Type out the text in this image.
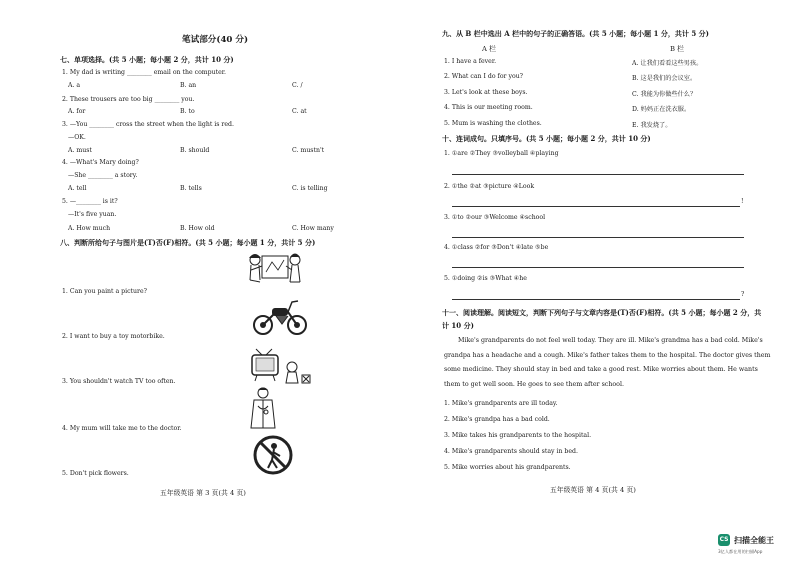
笔试部分(40 分)
七、单项选择。(共 5 小题；每小题 2 分，共计 10 分)
1. My dad is writing ________ email on the computer.
A. a	B. an	C. /
2. These trousers are too big ________ you.
A. for	B. to	C. at
3. —You ________ cross the street when the light is red.
—OK.
A. must	B. should	C. mustn't
4. —What's Mary doing?
—She ________ a story.
A. tell	B. tells	C. is telling
5. —________ is it?
—It's five yuan.
A. How much	B. How old	C. How many
八、判断所给句子与图片是(T)否(F)相符。(共 5 小题；每小题 1 分，共计 5 分)
1. Can you paint a picture?
2. I want to buy a toy motorbike.
3. You shouldn't watch TV too often.
4. My mum will take me to the doctor.
5. Don't pick flowers.
五年级英语 第 3 页(共 4 页)
九、从 B 栏中选出 A 栏中的句子的正确答语。(共 5 小题；每小题 1 分，共计 5 分)
A 栏	B 栏
1. I have a fever.
2. What can I do for you?
3. Let's look at these boys.
4. This is our meeting room.
5. Mum is washing the clothes.
A. 让我们看看这些男孩。
B. 这是我们的会议室。
C. 我能为你做些什么？
D. 妈妈正在洗衣服。
E. 我发烧了。
十、连词成句。只填序号。(共 5 小题；每小题 2 分，共计 10 分)
1. ①are ②They ③volleyball ④playing
2. ①the ②at ③picture ④Look
!
3. ①to ②our ③Welcome ④school
4. ①class ②for ③Don't ④late ⑤be
5. ①doing ②is ③What ④he
?
十一、阅读理解。阅读短文，判断下列句子与文章内容是(T)否(F)相符。(共 5 小题；每小题 2 分，共计 10 分)
Mike's grandparents do not feel well today. They are ill. Mike's grandma has a bad cold. Mike's grandpa has a headache and a cough. Mike's father takes them to the hospital. The doctor gives them some medicine. They should stay in bed and take a good rest. Mike worries about them. He wants them to get well soon. He goes to see them after school.
1. Mike's grandparents are ill today.
2. Mike's grandpa has a bad cold.
3. Mike takes his grandparents to the hospital.
4. Mike's grandparents should stay in bed.
5. Mike worries about his grandparents.
五年级英语 第 4 页(共 4 页)
CS 扫描全能王
3亿人都在用的扫描App
